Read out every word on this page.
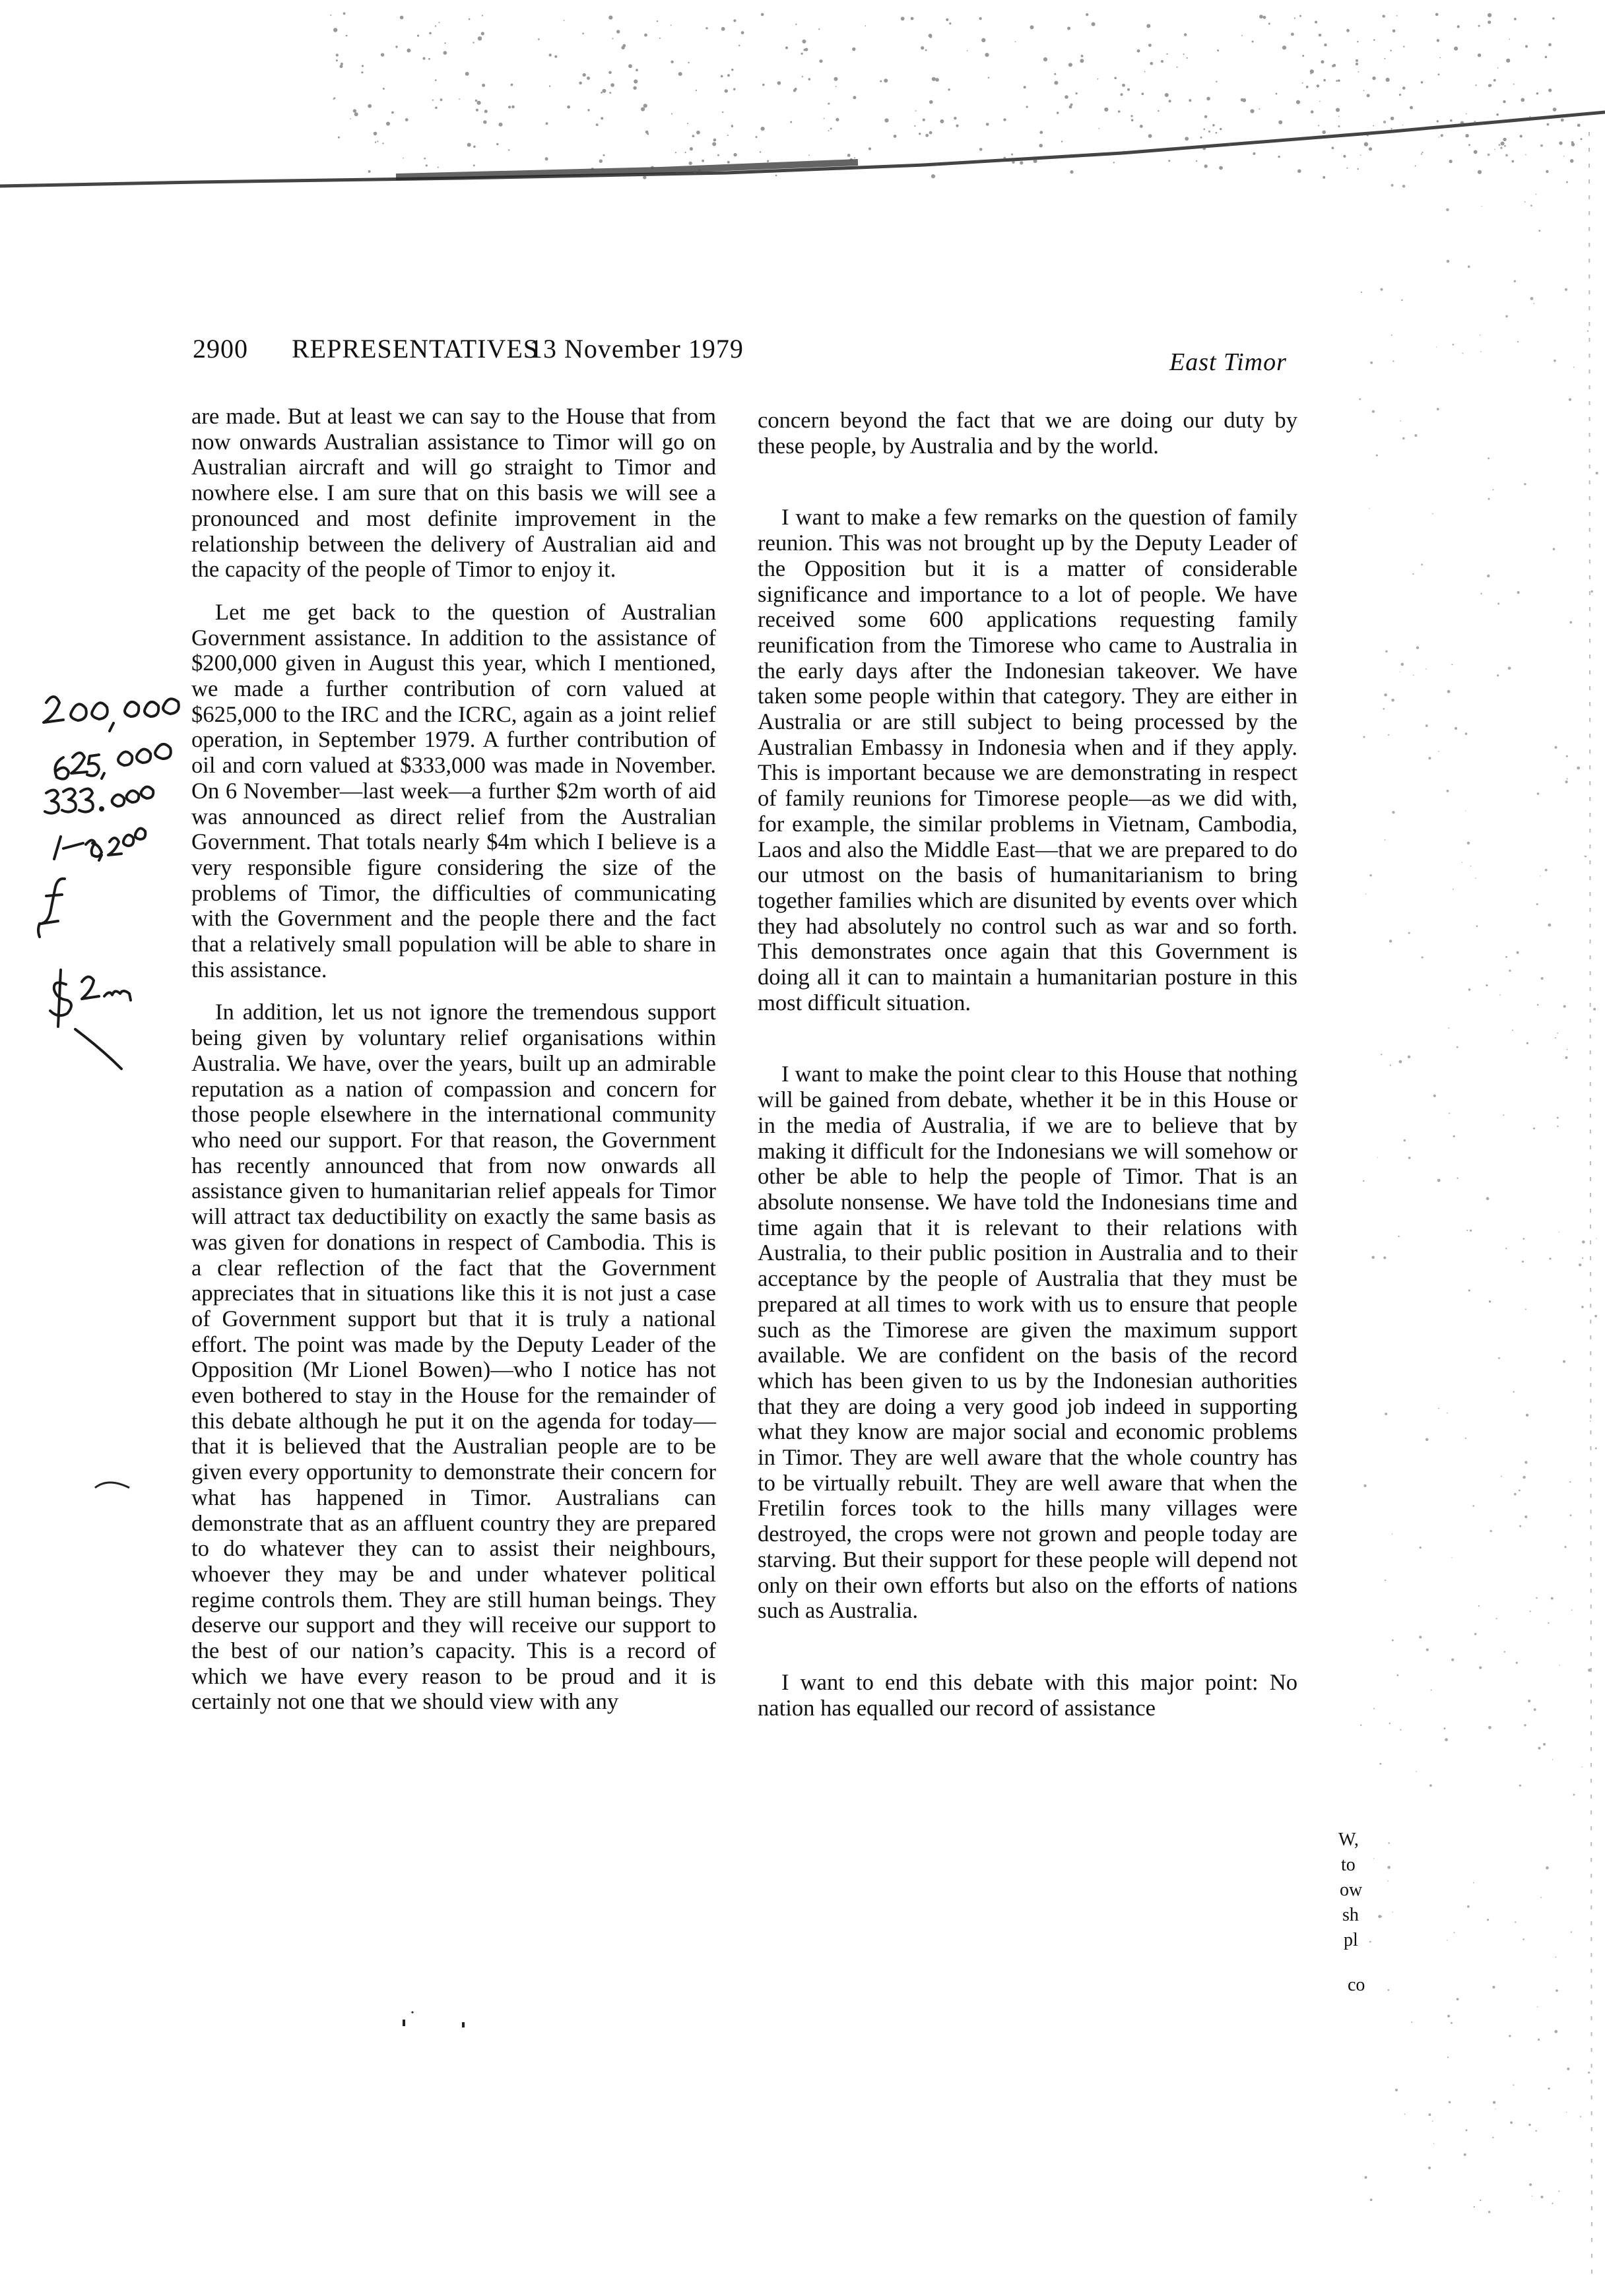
2900 REPRESENTATIVES
13 November 1979	East Timor

are made. But at least we can say to the House that from now onwards Australian assistance to Timor will go on Australian aircraft and will go straight to Timor and nowhere else. I am sure that on this basis we will see a pronounced and most definite improvement in the relationship between the delivery of Australian aid and the capacity of the people of Timor to enjoy it.

Let me get back to the question of Australian Government assistance. In addition to the assistance of $200,000 given in August this year, which I mentioned, we made a further contribution of corn valued at $625,000 to the IRC and the ICRC, again as a joint relief operation, in September 1979. A further contribution of oil and corn valued at $333,000 was made in November. On 6 November—last week—a further $2m worth of aid was announced as direct relief from the Australian Government. That totals nearly $4m which I believe is a very responsible figure considering the size of the problems of Timor, the difficulties of communicating with the Government and the people there and the fact that a relatively small population will be able to share in this assistance.

In addition, let us not ignore the tremendous support being given by voluntary relief organisations within Australia. We have, over the years, built up an admirable reputation as a nation of compassion and concern for those people elsewhere in the international community who need our support. For that reason, the Government has recently announced that from now onwards all assistance given to humanitarian relief appeals for Timor will attract tax deductibility on exactly the same basis as was given for donations in respect of Cambodia. This is a clear reflection of the fact that the Government appreciates that in situations like this it is not just a case of Government support but that it is truly a national effort. The point was made by the Deputy Leader of the Opposition (Mr Lionel Bowen)—who I notice has not even bothered to stay in the House for the remainder of this debate although he put it on the agenda for today—that it is believed that the Australian people are to be given every opportunity to demonstrate their concern for what has happened in Timor. Australians can demonstrate that as an affluent country they are prepared to do whatever they can to assist their neighbours, whoever they may be and under whatever political regime controls them. They are still human beings. They deserve our support and they will receive our support to the best of our nation’s capacity. This is a record of which we have every reason to be proud and it is certainly not one that we should view with any

concern beyond the fact that we are doing our duty by these people, by Australia and by the world.

I want to make a few remarks on the question of family reunion. This was not brought up by the Deputy Leader of the Opposition but it is a matter of considerable significance and importance to a lot of people. We have received some 600 applications requesting family reunification from the Timorese who came to Australia in the early days after the Indonesian takeover. We have taken some people within that category. They are either in Australia or are still subject to being processed by the Australian Embassy in Indonesia when and if they apply. This is important because we are demonstrating in respect of family reunions for Timorese people—as we did with, for example, the similar problems in Vietnam, Cambodia, Laos and also the Middle East—that we are prepared to do our utmost on the basis of humanitarianism to bring together families which are disunited by events over which they had absolutely no control such as war and so forth. This demonstrates once again that this Government is doing all it can to maintain a humanitarian posture in this most difficult situation.

I want to make the point clear to this House that nothing will be gained from debate, whether it be in this House or in the media of Australia, if we are to believe that by making it difficult for the Indonesians we will somehow or other be able to help the people of Timor. That is an absolute nonsense. We have told the Indonesians time and time again that it is relevant to their relations with Australia, to their public position in Australia and to their acceptance by the people of Australia that they must be prepared at all times to work with us to ensure that people such as the Timorese are given the maximum support available. We are confident on the basis of the record which has been given to us by the Indonesian authorities that they are doing a very good job indeed in supporting what they know are major social and economic problems in Timor. They are well aware that the whole country has to be virtually rebuilt. They are well aware that when the Fretilin forces took to the hills many villages were destroyed, the crops were not grown and people today are starving. But their support for these people will depend not only on their own efforts but also on the efforts of nations such as Australia.

I want to end this debate with this major point: No nation has equalled our record of assistance

W,
to
ow
sh
pl
co
